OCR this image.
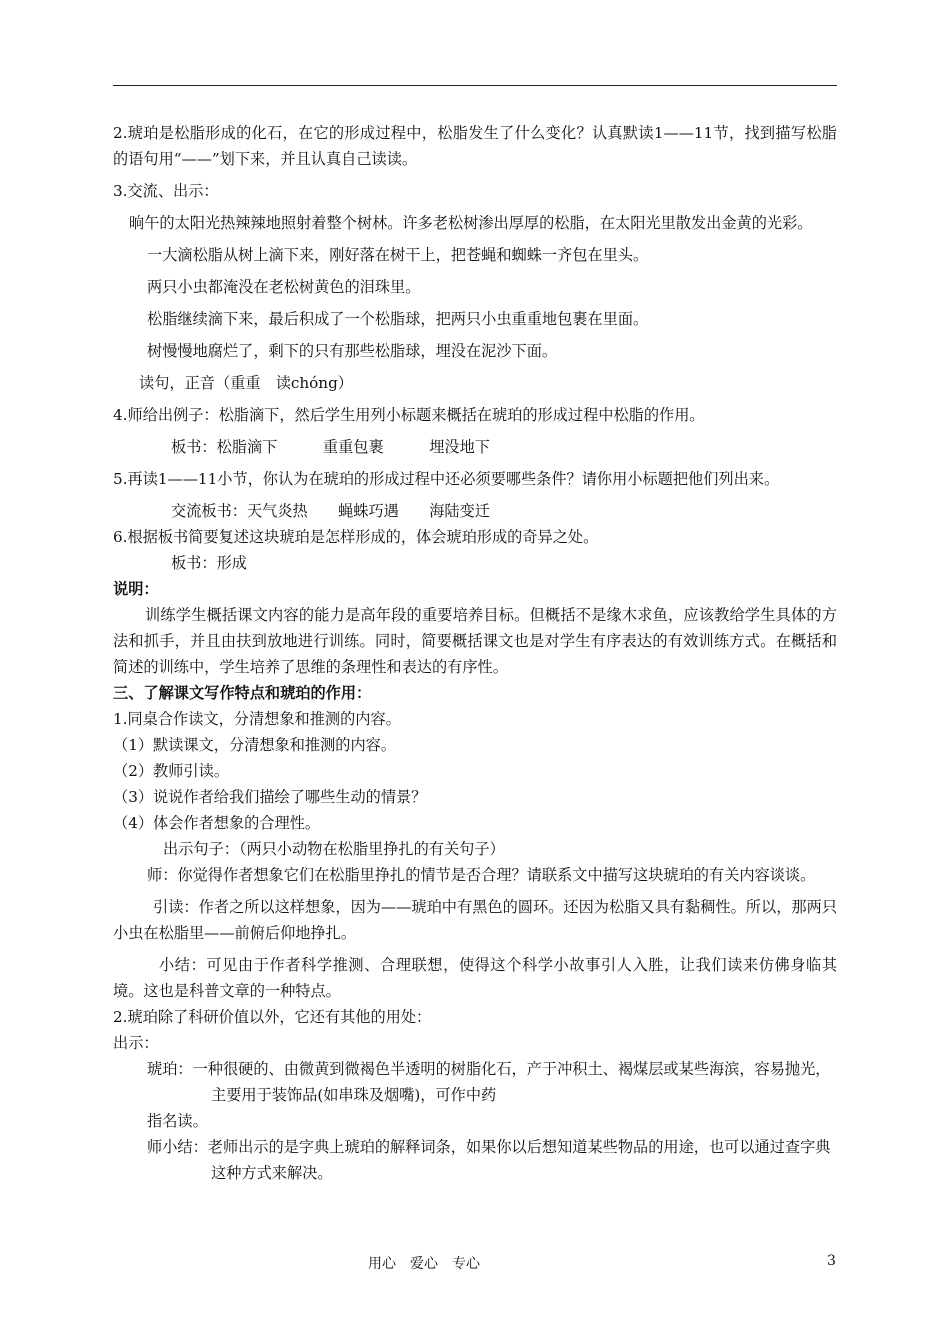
2.琥珀是松脂形成的化石，在它的形成过程中，松脂发生了什么变化？认真默读1——11节，找到描写松脂的语句用“——”划下来，并且认真自己读读。

3.交流、出示：

晌午的太阳光热辣辣地照射着整个树林。许多老松树渗出厚厚的松脂，在太阳光里散发出金黄的光彩。

一大滴松脂从树上滴下来，刚好落在树干上，把苍蝇和蜘蛛一齐包在里头。

两只小虫都淹没在老松树黄色的泪珠里。

松脂继续滴下来，最后积成了一个松脂球，把两只小虫重重地包裹在里面。

树慢慢地腐烂了，剩下的只有那些松脂球，埋没在泥沙下面。

读句，正音（重重　读chóng）

4.师给出例子：松脂滴下，然后学生用列小标题来概括在琥珀的形成过程中松脂的作用。

板书：松脂滴下　　　重重包裹　　　埋没地下

5.再读1——11小节，你认为在琥珀的形成过程中还必须要哪些条件？请你用小标题把他们列出来。

交流板书：天气炎热　　蝇蛛巧遇　　海陆变迁

6.根据板书简要复述这块琥珀是怎样形成的，体会琥珀形成的奇异之处。

板书：形成

说明：

训练学生概括课文内容的能力是高年段的重要培养目标。但概括不是缘木求鱼，应该教给学生具体的方法和抓手，并且由扶到放地进行训练。同时，简要概括课文也是对学生有序表达的有效训练方式。在概括和简述的训练中，学生培养了思维的条理性和表达的有序性。

三、了解课文写作特点和琥珀的作用：

1.同桌合作读文，分清想象和推测的内容。

（1）默读课文，分清想象和推测的内容。

（2）教师引读。

（3）说说作者给我们描绘了哪些生动的情景？

（4）体会作者想象的合理性。

出示句子：（两只小动物在松脂里挣扎的有关句子）

师：你觉得作者想象它们在松脂里挣扎的情节是否合理？请联系文中描写这块琥珀的有关内容谈谈。

引读：作者之所以这样想象，因为——琥珀中有黑色的圆环。还因为松脂又具有黏稠性。所以，那两只小虫在松脂里——前俯后仰地挣扎。

小结：可见由于作者科学推测、合理联想，使得这个科学小故事引人入胜，让我们读来仿佛身临其境。这也是科普文章的一种特点。

2.琥珀除了科研价值以外，它还有其他的用处：

出示：

琥珀：一种很硬的、由微黄到微褐色半透明的树脂化石，产于冲积土、褐煤层或某些海滨，容易抛光，主要用于装饰品(如串珠及烟嘴)，可作中药

指名读。

师小结：老师出示的是字典上琥珀的解释词条，如果你以后想知道某些物品的用途，也可以通过查字典这种方式来解决。

用心　爱心　专心	3
